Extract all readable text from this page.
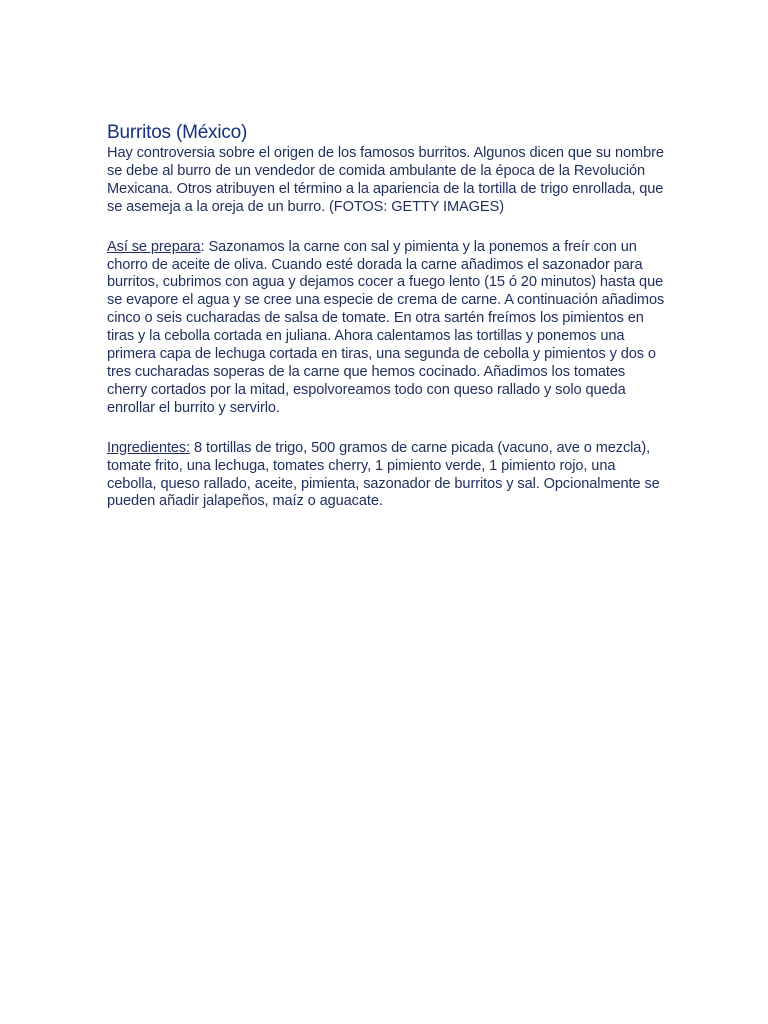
Burritos (México)

Hay controversia sobre el origen de los famosos burritos. Algunos dicen que su nombre se debe al burro de un vendedor de comida ambulante de la época de la Revolución Mexicana. Otros atribuyen el término a la apariencia de la tortilla de trigo enrollada, que se asemeja a la oreja de un burro. (FOTOS: GETTY IMAGES)

Así se prepara: Sazonamos la carne con sal y pimienta y la ponemos a freír con un chorro de aceite de oliva. Cuando esté dorada la carne añadimos el sazonador para burritos, cubrimos con agua y dejamos cocer a fuego lento (15 ó 20 minutos) hasta que se evapore el agua y se cree una especie de crema de carne. A continuación añadimos cinco o seis cucharadas de salsa de tomate. En otra sartén freímos los pimientos en tiras y la cebolla cortada en juliana. Ahora calentamos las tortillas y ponemos una primera capa de lechuga cortada en tiras, una segunda de cebolla y pimientos y dos o tres cucharadas soperas de la carne que hemos cocinado. Añadimos los tomates cherry cortados por la mitad, espolvoreamos todo con queso rallado y solo queda enrollar el burrito y servirlo.

Ingredientes: 8 tortillas de trigo, 500 gramos de carne picada (vacuno, ave o mezcla), tomate frito, una lechuga, tomates cherry, 1 pimiento verde, 1 pimiento rojo, una cebolla, queso rallado, aceite, pimienta, sazonador de burritos y sal. Opcionalmente se pueden añadir jalapeños, maíz o aguacate.
